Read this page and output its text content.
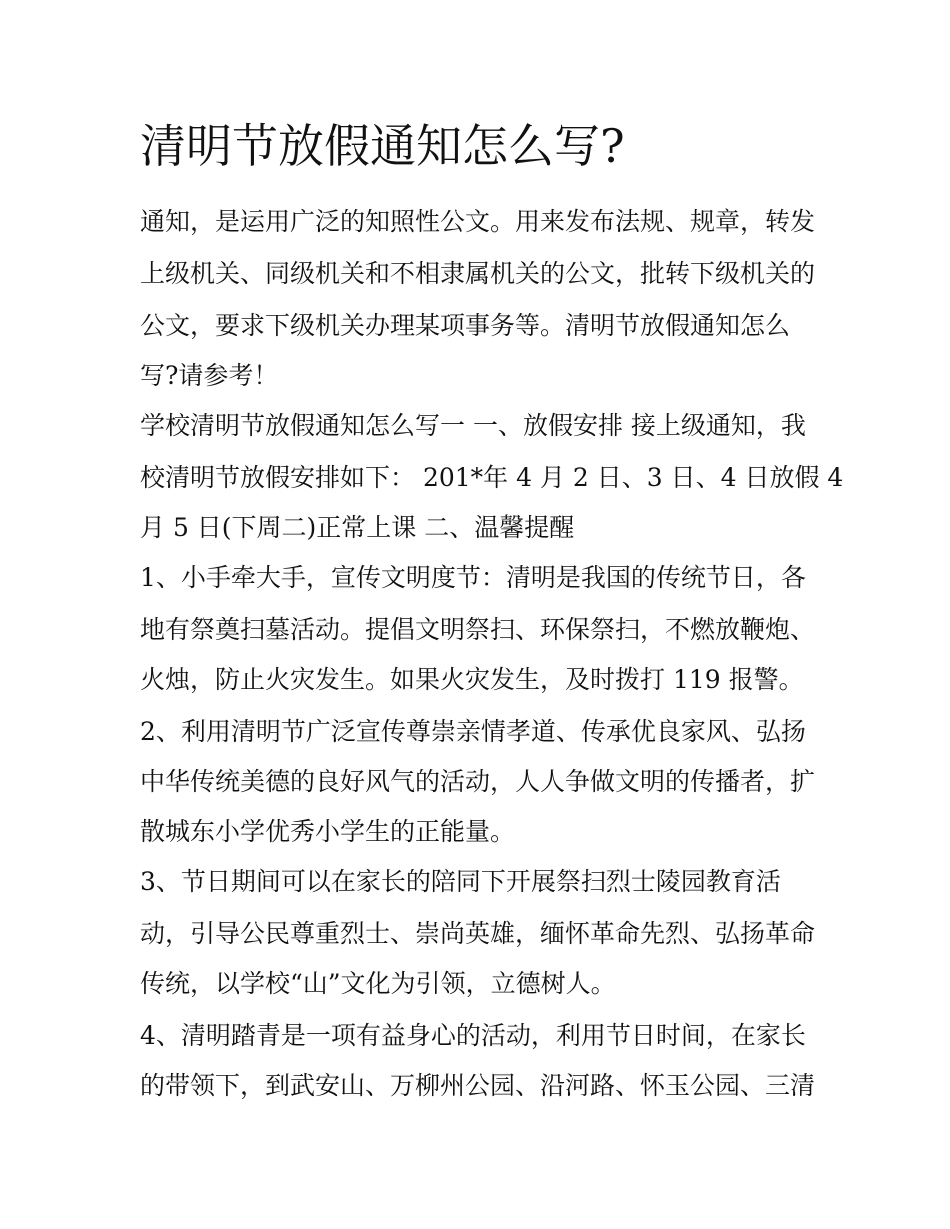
清明节放假通知怎么写?

通知，是运用广泛的知照性公文。用来发布法规、规章，转发

上级机关、同级机关和不相隶属机关的公文，批转下级机关的

公文，要求下级机关办理某项事务等。清明节放假通知怎么

写?请参考！

学校清明节放假通知怎么写一 一、放假安排 接上级通知，我

校清明节放假安排如下： 201*年 4 月 2 日、3 日、4 日放假 4

月 5 日(下周二)正常上课 二、温馨提醒

1、小手牵大手，宣传文明度节：清明是我国的传统节日，各

地有祭奠扫墓活动。提倡文明祭扫、环保祭扫，不燃放鞭炮、

火烛，防止火灾发生。如果火灾发生，及时拨打 119 报警。

2、利用清明节广泛宣传尊崇亲情孝道、传承优良家风、弘扬

中华传统美德的良好风气的活动，人人争做文明的传播者，扩

散城东小学优秀小学生的正能量。

3、节日期间可以在家长的陪同下开展祭扫烈士陵园教育活

动，引导公民尊重烈士、崇尚英雄，缅怀革命先烈、弘扬革命

传统，以学校“山”文化为引领，立德树人。

4、清明踏青是一项有益身心的活动，利用节日时间，在家长

的带领下，到武安山、万柳州公园、沿河路、怀玉公园、三清
